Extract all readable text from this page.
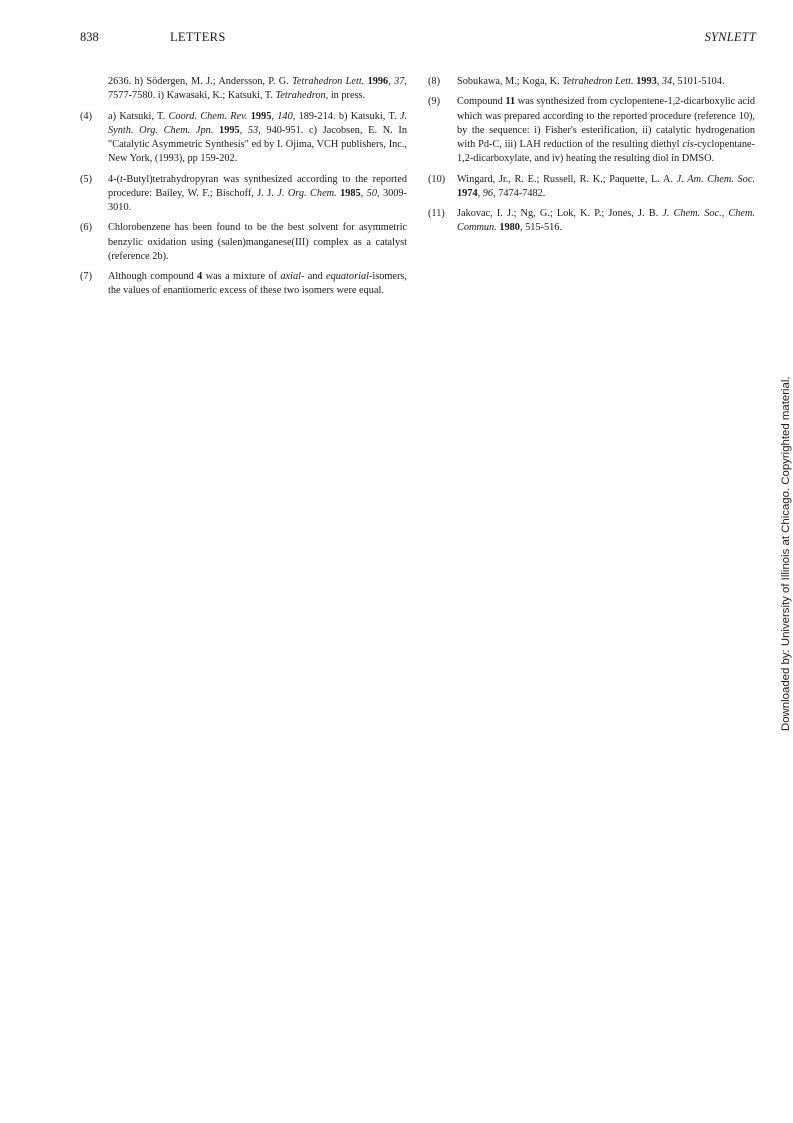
838	LETTERS	SYNLETT
2636. h) Södergen, M. J.; Andersson, P. G. Tetrahedron Lett. 1996, 37, 7577-7580. i) Kawasaki, K.; Katsuki, T. Tetrahedron, in press.
(4) a) Katsuki, T. Coord. Chem. Rev. 1995, 140, 189-214. b) Katsuki, T. J. Synth. Org. Chem. Jpn. 1995, 53, 940-951. c) Jacobsen, E. N. In "Catalytic Asymmetric Synthesis" ed by I. Ojima, VCH publishers, Inc., New York, (1993), pp 159-202.
(5) 4-(t-Butyl)tetrahydropyran was synthesized according to the reported procedure: Bailey, W. F.; Bischoff, J. J. J. Org. Chem. 1985, 50, 3009-3010.
(6) Chlorobenzene has been found to be the best solvent for asymmetric benzylic oxidation using (salen)manganese(III) complex as a catalyst (reference 2b).
(7) Although compound 4 was a mixture of axial- and equatorial-isomers, the values of enantiomeric excess of these two isomers were equal.
(8) Sobukawa, M.; Koga, K. Tetrahedron Lett. 1993, 34, 5101-5104.
(9) Compound 11 was synthesized from cyclopentene-1,2-dicarboxylic acid which was prepared according to the reported procedure (reference 10), by the sequence: i) Fisher's esterification, ii) catalytic hydrogenation with Pd-C, iii) LAH reduction of the resulting diethyl cis-cyclopentane-1,2-dicarboxylate, and iv) heating the resulting diol in DMSO.
(10) Wingard, Jr., R. E.; Russell, R. K.; Paquette, L. A. J. Am. Chem. Soc. 1974, 96, 7474-7482.
(11) Jakovac, I. J.; Ng, G.; Lok, K. P.; Jones, J. B. J. Chem. Soc., Chem. Commun. 1980, 515-516.
Downloaded by: University of Illinois at Chicago. Copyrighted material.
